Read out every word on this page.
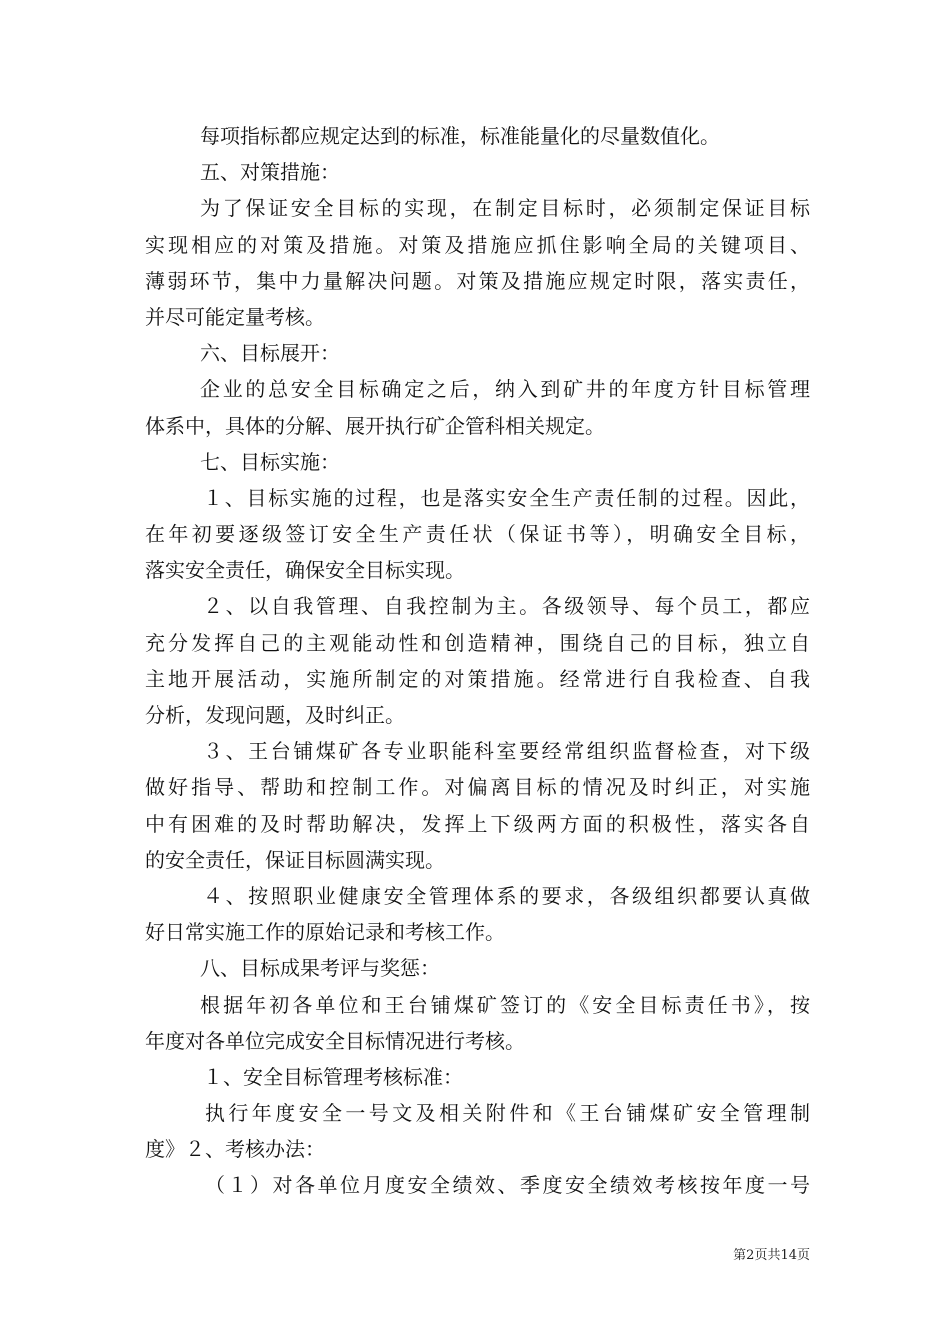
每项指标都应规定达到的标准，标准能量化的尽量数值化。
五、对策措施：
为了保证安全目标的实现，在制定目标时，必须制定保证目标
实现相应的对策及措施。对策及措施应抓住影响全局的关键项目、
薄弱环节，集中力量解决问题。对策及措施应规定时限，落实责任，
并尽可能定量考核。
六、目标展开：
企业的总安全目标确定之后，纳入到矿井的年度方针目标管理
体系中，具体的分解、展开执行矿企管科相关规定。
七、目标实施：
１、目标实施的过程，也是落实安全生产责任制的过程。因此，
在年初要逐级签订安全生产责任状（保证书等），明确安全目标，
落实安全责任，确保安全目标实现。
２、以自我管理、自我控制为主。各级领导、每个员工，都应
充分发挥自己的主观能动性和创造精神，围绕自己的目标，独立自
主地开展活动，实施所制定的对策措施。经常进行自我检查、自我
分析，发现问题，及时纠正。
３、王台铺煤矿各专业职能科室要经常组织监督检查，对下级
做好指导、帮助和控制工作。对偏离目标的情况及时纠正，对实施
中有困难的及时帮助解决，发挥上下级两方面的积极性，落实各自
的安全责任，保证目标圆满实现。
４、按照职业健康安全管理体系的要求，各级组织都要认真做
好日常实施工作的原始记录和考核工作。
八、目标成果考评与奖惩：
根据年初各单位和王台铺煤矿签订的《安全目标责任书》，按
年度对各单位完成安全目标情况进行考核。
１、安全目标管理考核标准：
执行年度安全一号文及相关附件和《王台铺煤矿安全管理制
度》２、考核办法：
（１）对各单位月度安全绩效、季度安全绩效考核按年度一号
第2页共14页
